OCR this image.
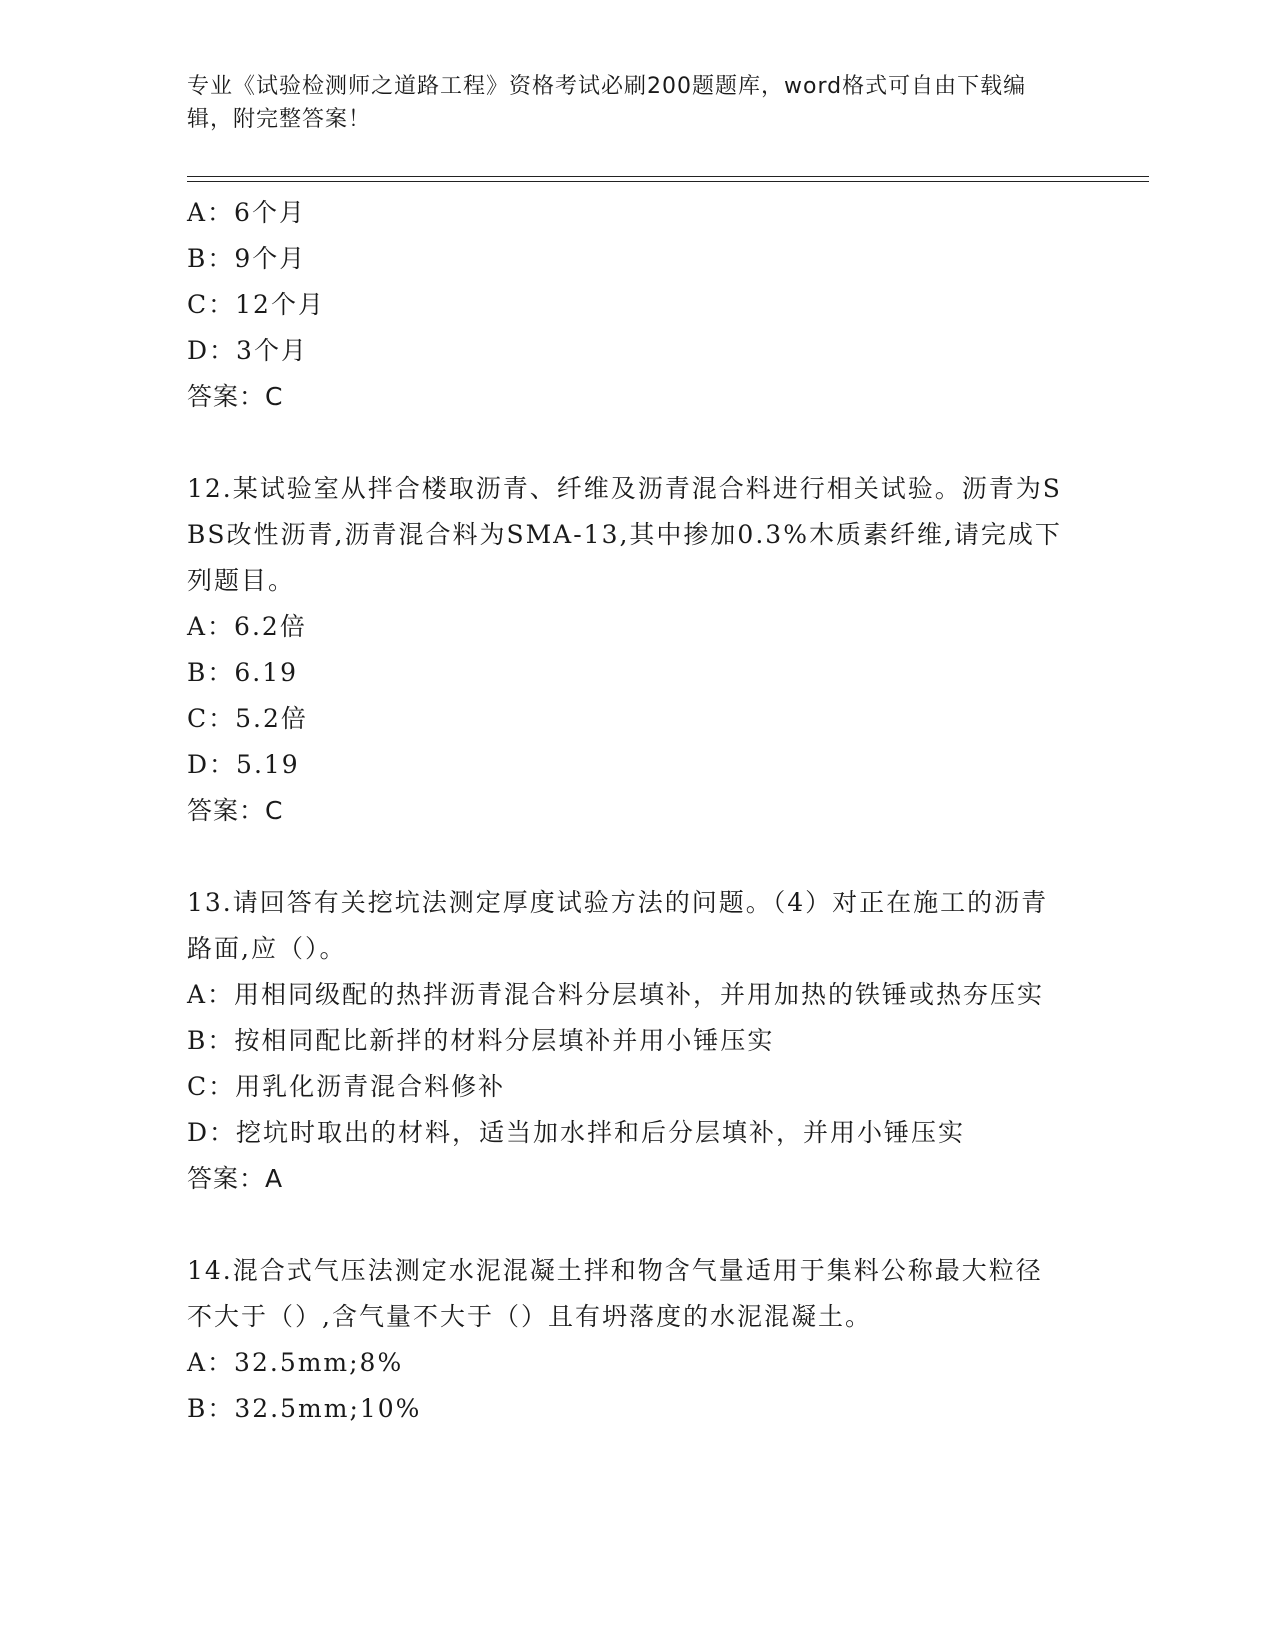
专业《试验检测师之道路工程》资格考试必刷200题题库，word格式可自由下载编辑，附完整答案！
A：6个月
B：9个月
C：12个月
D：3个月
答案：C
12.某试验室从拌合楼取沥青、纤维及沥青混合料进行相关试验。沥青为SBS改性沥青,沥青混合料为SMA-13,其中掺加0.3%木质素纤维,请完成下列题目。
A：6.2倍
B：6.19
C：5.2倍
D：5.19
答案：C
13.请回答有关挖坑法测定厚度试验方法的问题。（4）对正在施工的沥青路面,应（）。
A：用相同级配的热拌沥青混合料分层填补，并用加热的铁锤或热夯压实
B：按相同配比新拌的材料分层填补并用小锤压实
C：用乳化沥青混合料修补
D：挖坑时取出的材料，适当加水拌和后分层填补，并用小锤压实
答案：A
14.混合式气压法测定水泥混凝土拌和物含气量适用于集料公称最大粒径不大于（）,含气量不大于（）且有坍落度的水泥混凝土。
A：32.5mm;8%
B：32.5mm;10%
